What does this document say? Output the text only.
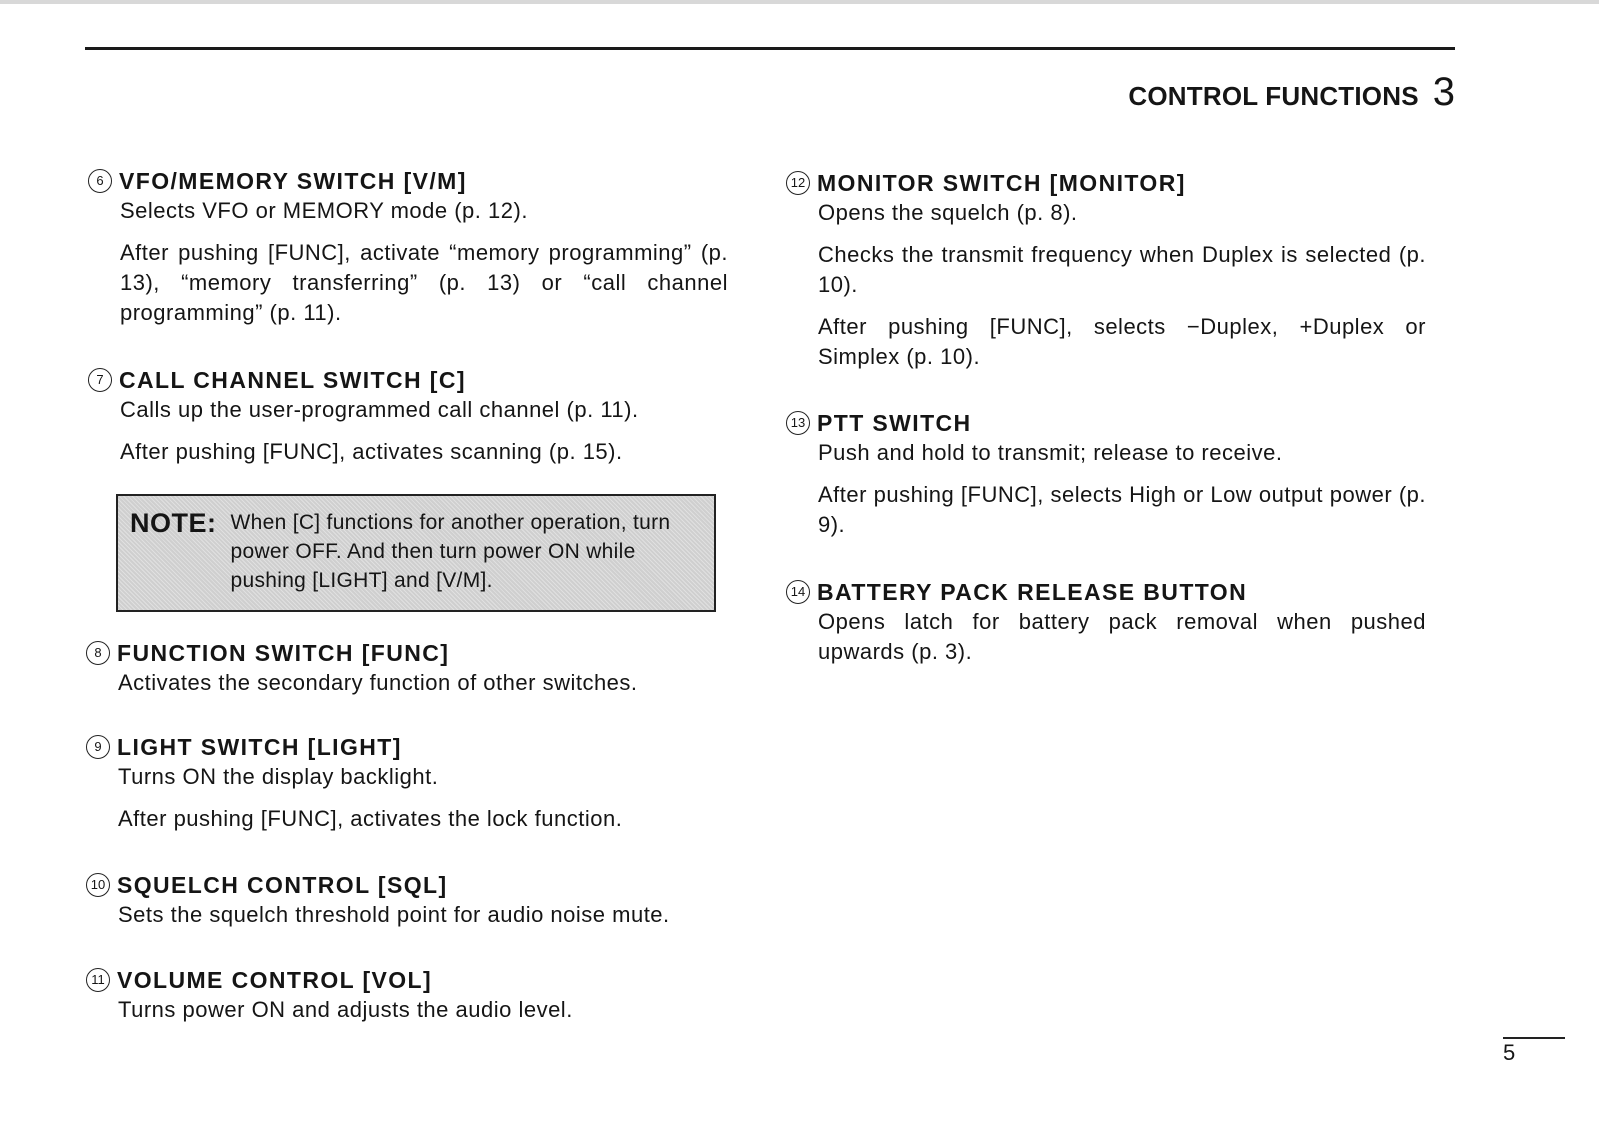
CONTROL FUNCTIONS 3
6 VFO/MEMORY SWITCH [V/M]

Selects VFO or MEMORY mode (p. 12).

After pushing [FUNC], activate “memory programming” (p. 13), “memory transferring” (p. 13) or “call channel programming” (p. 11).

7 CALL CHANNEL SWITCH [C]

Calls up the user-programmed call channel (p. 11).

After pushing [FUNC], activates scanning (p. 15).

NOTE: When [C] functions for another operation, turn power OFF. And then turn power ON while pushing [LIGHT] and [V/M].
8 FUNCTION SWITCH [FUNC]

Activates the secondary function of other switches.

9 LIGHT SWITCH [LIGHT]

Turns ON the display backlight.

After pushing [FUNC], activates the lock function.

10 SQUELCH CONTROL [SQL]

Sets the squelch threshold point for audio noise mute.

11 VOLUME CONTROL [VOL]

Turns power ON and adjusts the audio level.

12 MONITOR SWITCH [MONITOR]

Opens the squelch (p. 8).

Checks the transmit frequency when Duplex is selected (p. 10).

After pushing [FUNC], selects −Duplex, +Duplex or Simplex (p. 10).

13 PTT SWITCH

Push and hold to transmit; release to receive.

After pushing [FUNC], selects High or Low output power (p. 9).

14 BATTERY PACK RELEASE BUTTON

Opens latch for battery pack removal when pushed upwards (p. 3).

5
